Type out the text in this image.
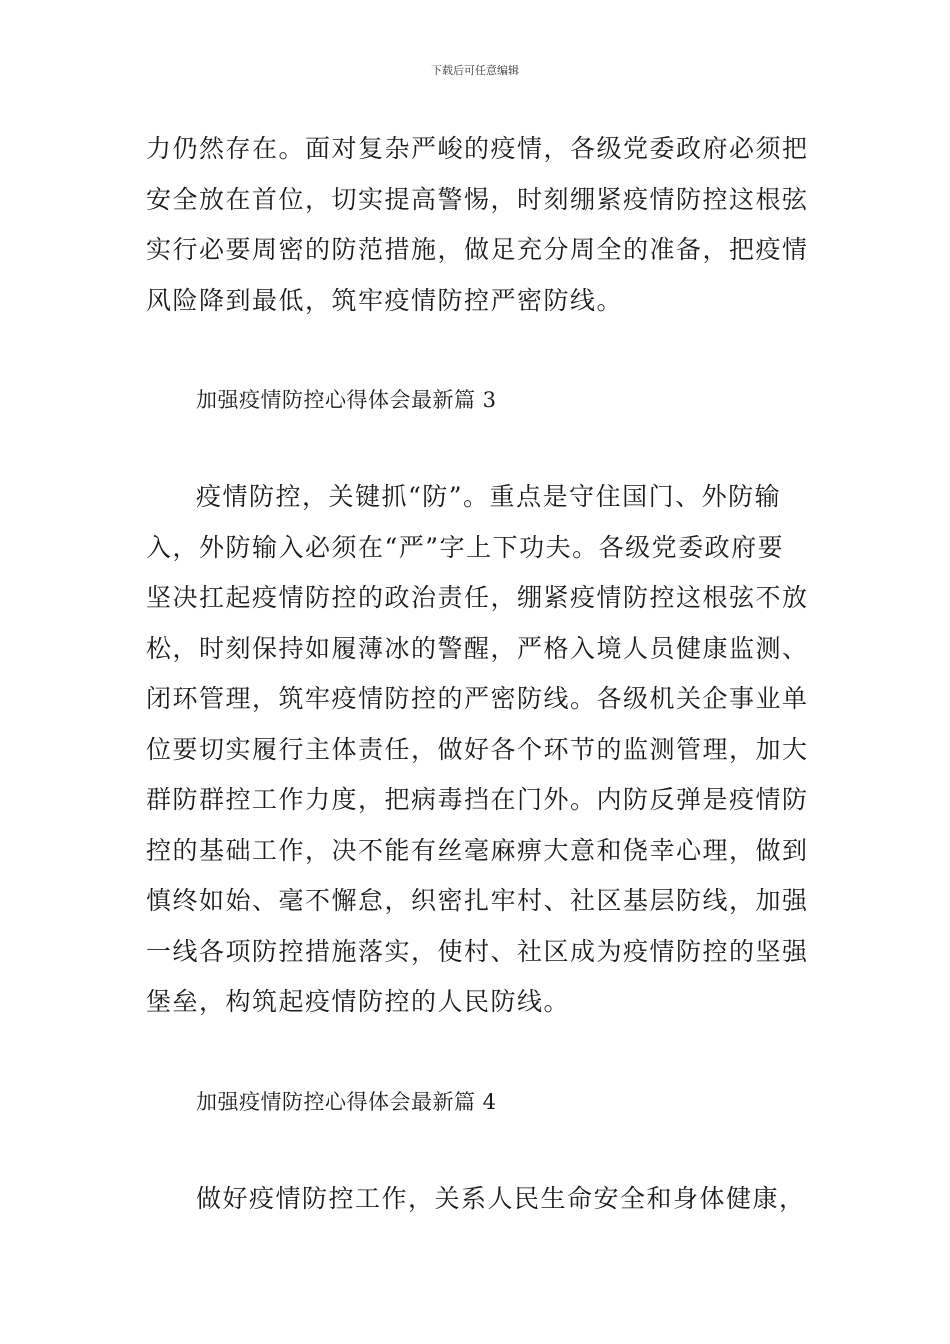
下载后可任意编辑
力仍然存在。面对复杂严峻的疫情，各级党委政府必须把
安全放在首位，切实提高警惕，时刻绷紧疫情防控这根弦
实行必要周密的防范措施，做足充分周全的准备，把疫情
风险降到最低，筑牢疫情防控严密防线。
加强疫情防控心得体会最新篇 3
疫情防控，关键抓“防”。重点是守住国门、外防输
入，外防输入必须在“严”字上下功夫。各级党委政府要
坚决扛起疫情防控的政治责任，绷紧疫情防控这根弦不放
松，时刻保持如履薄冰的警醒，严格入境人员健康监测、
闭环管理，筑牢疫情防控的严密防线。各级机关企事业单
位要切实履行主体责任，做好各个环节的监测管理，加大
群防群控工作力度，把病毒挡在门外。内防反弹是疫情防
控的基础工作，决不能有丝毫麻痹大意和侥幸心理，做到
慎终如始、毫不懈怠，织密扎牢村、社区基层防线，加强
一线各项防控措施落实，使村、社区成为疫情防控的坚强
堡垒，构筑起疫情防控的人民防线。
加强疫情防控心得体会最新篇 4
做好疫情防控工作，关系人民生命安全和身体健康，
